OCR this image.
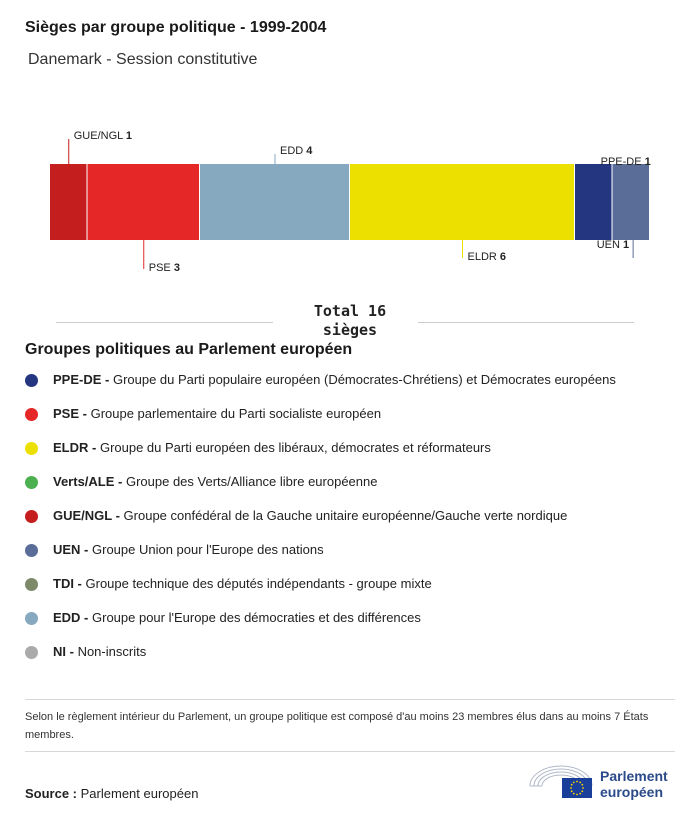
Sièges par groupe politique - 1999-2004
Danemark - Session constitutive
GUE/NGL 1
PSE 3
EDD 4
ELDR 6
PPE-DE 1
UEN 1
Total 16
sièges
Groupes politiques au Parlement européen
PPE-DE - Groupe du Parti populaire européen (Démocrates-Chrétiens) et Démocrates européens
PSE - Groupe parlementaire du Parti socialiste européen
ELDR - Groupe du Parti européen des libéraux, démocrates et réformateurs
Verts/ALE - Groupe des Verts/Alliance libre européenne
GUE/NGL - Groupe confédéral de la Gauche unitaire européenne/Gauche verte nordique
UEN - Groupe Union pour l'Europe des nations
TDI - Groupe technique des députés indépendants - groupe mixte
EDD - Groupe pour l'Europe des démocraties et des différences
NI - Non-inscrits
Selon le règlement intérieur du Parlement, un groupe politique est composé d'au moins 23 membres élus dans au moins 7 États membres.
Source : Parlement européen
Parlement
européen
